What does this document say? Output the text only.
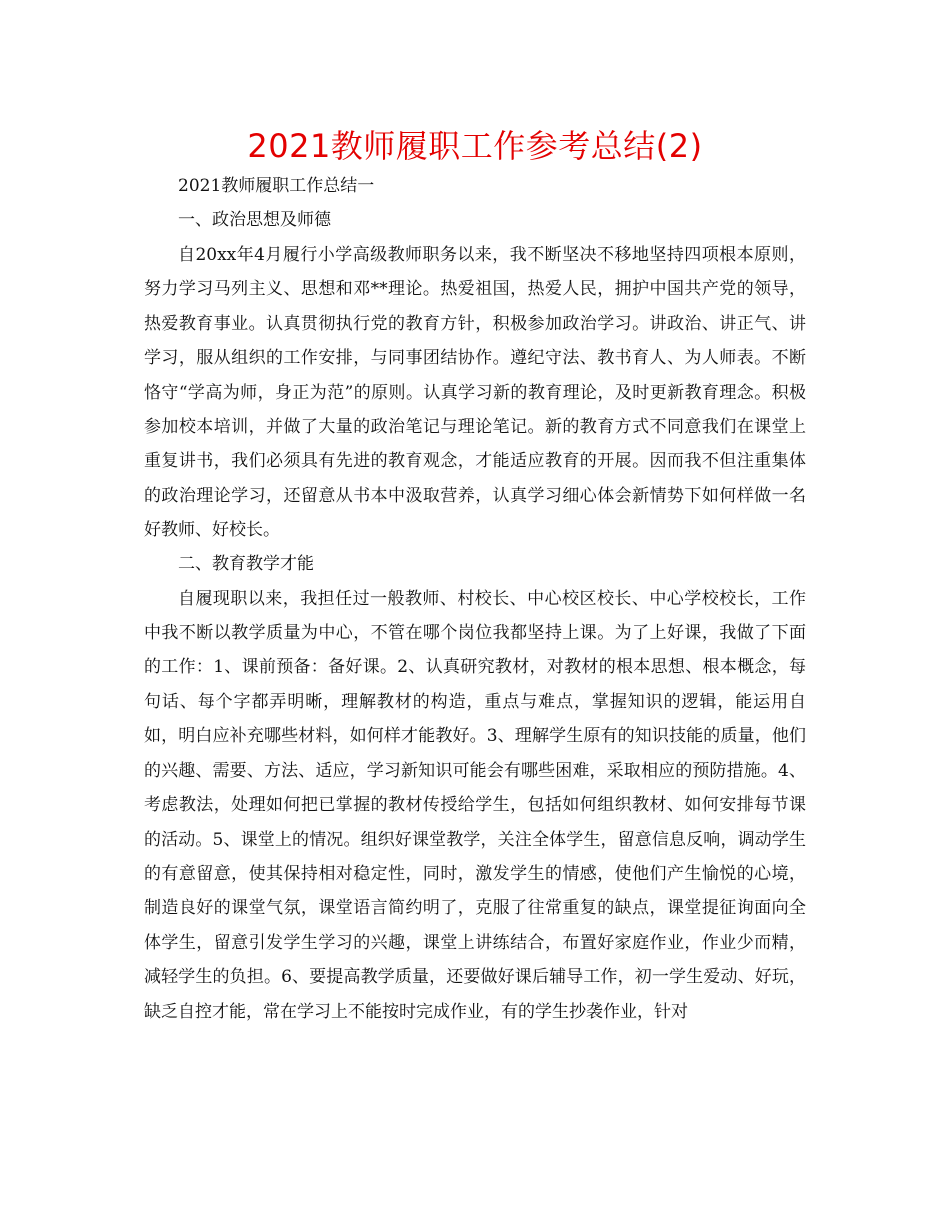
2021教师履职工作参考总结(2)

2021教师履职工作总结一

一、政治思想及师德

自20xx年4月履行小学高级教师职务以来，我不断坚决不移地坚持四项根本原则，努力学习马列主义、思想和邓**理论。热爱祖国，热爱人民，拥护中国共产党的领导，热爱教育事业。认真贯彻执行党的教育方针，积极参加政治学习。讲政治、讲正气、讲学习，服从组织的工作安排，与同事团结协作。遵纪守法、教书育人、为人师表。不断恪守“学高为师，身正为范”的原则。认真学习新的教育理论，及时更新教育理念。积极参加校本培训，并做了大量的政治笔记与理论笔记。新的教育方式不同意我们在课堂上重复讲书，我们必须具有先进的教育观念，才能适应教育的开展。因而我不但注重集体的政治理论学习，还留意从书本中汲取营养，认真学习细心体会新情势下如何样做一名好教师、好校长。

二、教育教学才能

自履现职以来，我担任过一般教师、村校长、中心校区校长、中心学校校长，工作中我不断以教学质量为中心，不管在哪个岗位我都坚持上课。为了上好课，我做了下面的工作：1、课前预备：备好课。2、认真研究教材，对教材的根本思想、根本概念，每句话、每个字都弄明晰，理解教材的构造，重点与难点，掌握知识的逻辑，能运用自如，明白应补充哪些材料，如何样才能教好。3、理解学生原有的知识技能的质量，他们的兴趣、需要、方法、适应，学习新知识可能会有哪些困难，采取相应的预防措施。4、考虑教法，处理如何把已掌握的教材传授给学生，包括如何组织教材、如何安排每节课的活动。5、课堂上的情况。组织好课堂教学，关注全体学生，留意信息反响，调动学生的有意留意，使其保持相对稳定性，同时，激发学生的情感，使他们产生愉悦的心境，制造良好的课堂气氛，课堂语言简约明了，克服了往常重复的缺点，课堂提征询面向全体学生，留意引发学生学习的兴趣，课堂上讲练结合，布置好家庭作业，作业少而精，减轻学生的负担。6、要提高教学质量，还要做好课后辅导工作，初一学生爱动、好玩，缺乏自控才能，常在学习上不能按时完成作业，有的学生抄袭作业，针对
